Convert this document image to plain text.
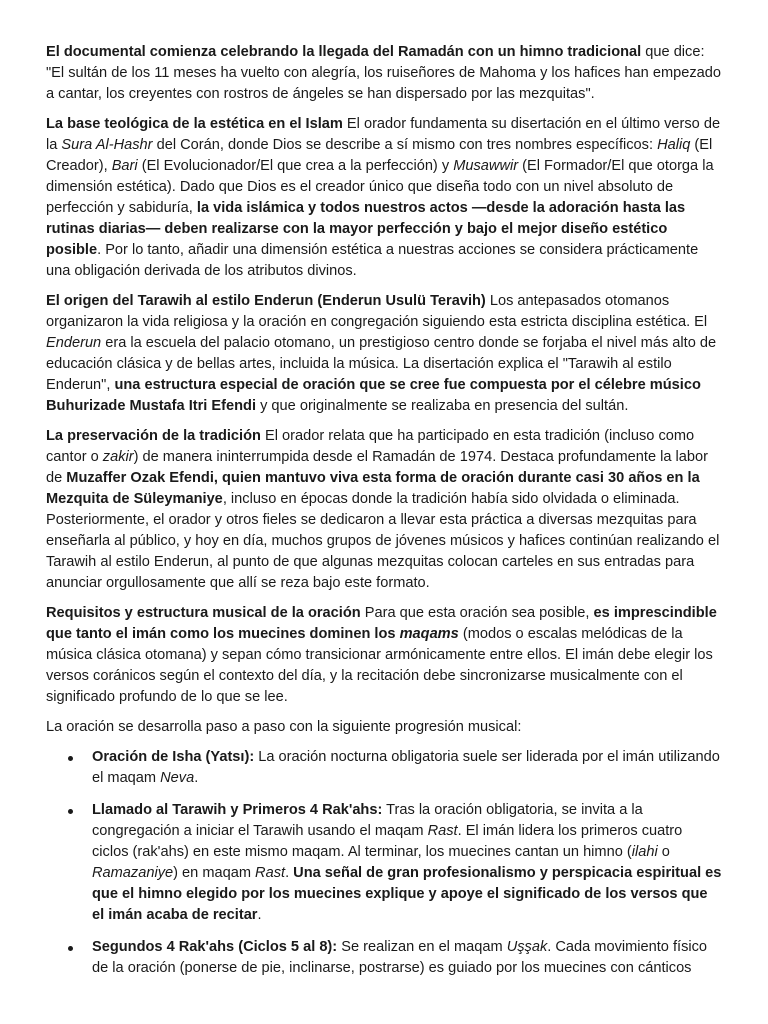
El documental comienza celebrando la llegada del Ramadán con un himno tradicional que dice: "El sultán de los 11 meses ha vuelto con alegría, los ruiseñores de Mahoma y los hafices han empezado a cantar, los creyentes con rostros de ángeles se han dispersado por las mezquitas".

La base teológica de la estética en el Islam El orador fundamenta su disertación en el último verso de la Sura Al-Hashr del Corán, donde Dios se describe a sí mismo con tres nombres específicos: Haliq (El Creador), Bari (El Evolucionador/El que crea a la perfección) y Musawwir (El Formador/El que otorga la dimensión estética). Dado que Dios es el creador único que diseña todo con un nivel absoluto de perfección y sabiduría, la vida islámica y todos nuestros actos —desde la adoración hasta las rutinas diarias— deben realizarse con la mayor perfección y bajo el mejor diseño estético posible. Por lo tanto, añadir una dimensión estética a nuestras acciones se considera prácticamente una obligación derivada de los atributos divinos.

El origen del Tarawih al estilo Enderun (Enderun Usulü Teravih) Los antepasados otomanos organizaron la vida religiosa y la oración en congregación siguiendo esta estricta disciplina estética. El Enderun era la escuela del palacio otomano, un prestigioso centro donde se forjaba el nivel más alto de educación clásica y de bellas artes, incluida la música. La disertación explica el "Tarawih al estilo Enderun", una estructura especial de oración que se cree fue compuesta por el célebre músico Buhurizade Mustafa Itri Efendi y que originalmente se realizaba en presencia del sultán.

La preservación de la tradición El orador relata que ha participado en esta tradición (incluso como cantor o zakir) de manera ininterrumpida desde el Ramadán de 1974. Destaca profundamente la labor de Muzaffer Ozak Efendi, quien mantuvo viva esta forma de oración durante casi 30 años en la Mezquita de Süleymaniye, incluso en épocas donde la tradición había sido olvidada o eliminada. Posteriormente, el orador y otros fieles se dedicaron a llevar esta práctica a diversas mezquitas para enseñarla al público, y hoy en día, muchos grupos de jóvenes músicos y hafices continúan realizando el Tarawih al estilo Enderun, al punto de que algunas mezquitas colocan carteles en sus entradas para anunciar orgullosamente que allí se reza bajo este formato.

Requisitos y estructura musical de la oración Para que esta oración sea posible, es imprescindible que tanto el imán como los muecines dominen los maqams (modos o escalas melódicas de la música clásica otomana) y sepan cómo transicionar armónicamente entre ellos. El imán debe elegir los versos coránicos según el contexto del día, y la recitación debe sincronizarse musicalmente con el significado profundo de lo que se lee.

La oración se desarrolla paso a paso con la siguiente progresión musical:

Oración de Isha (Yatsı): La oración nocturna obligatoria suele ser liderada por el imán utilizando el maqam Neva.
Llamado al Tarawih y Primeros 4 Rak'ahs: Tras la oración obligatoria, se invita a la congregación a iniciar el Tarawih usando el maqam Rast. El imán lidera los primeros cuatro ciclos (rak'ahs) en este mismo maqam. Al terminar, los muecines cantan un himno (ilahi o Ramazaniye) en maqam Rast. Una señal de gran profesionalismo y perspicacia espiritual es que el himno elegido por los muecines explique y apoye el significado de los versos que el imán acaba de recitar.
Segundos 4 Rak'ahs (Ciclos 5 al 8): Se realizan en el maqam Uşşak. Cada movimiento físico de la oración (ponerse de pie, inclinarse, postrarse) es guiado por los muecines con cánticos
